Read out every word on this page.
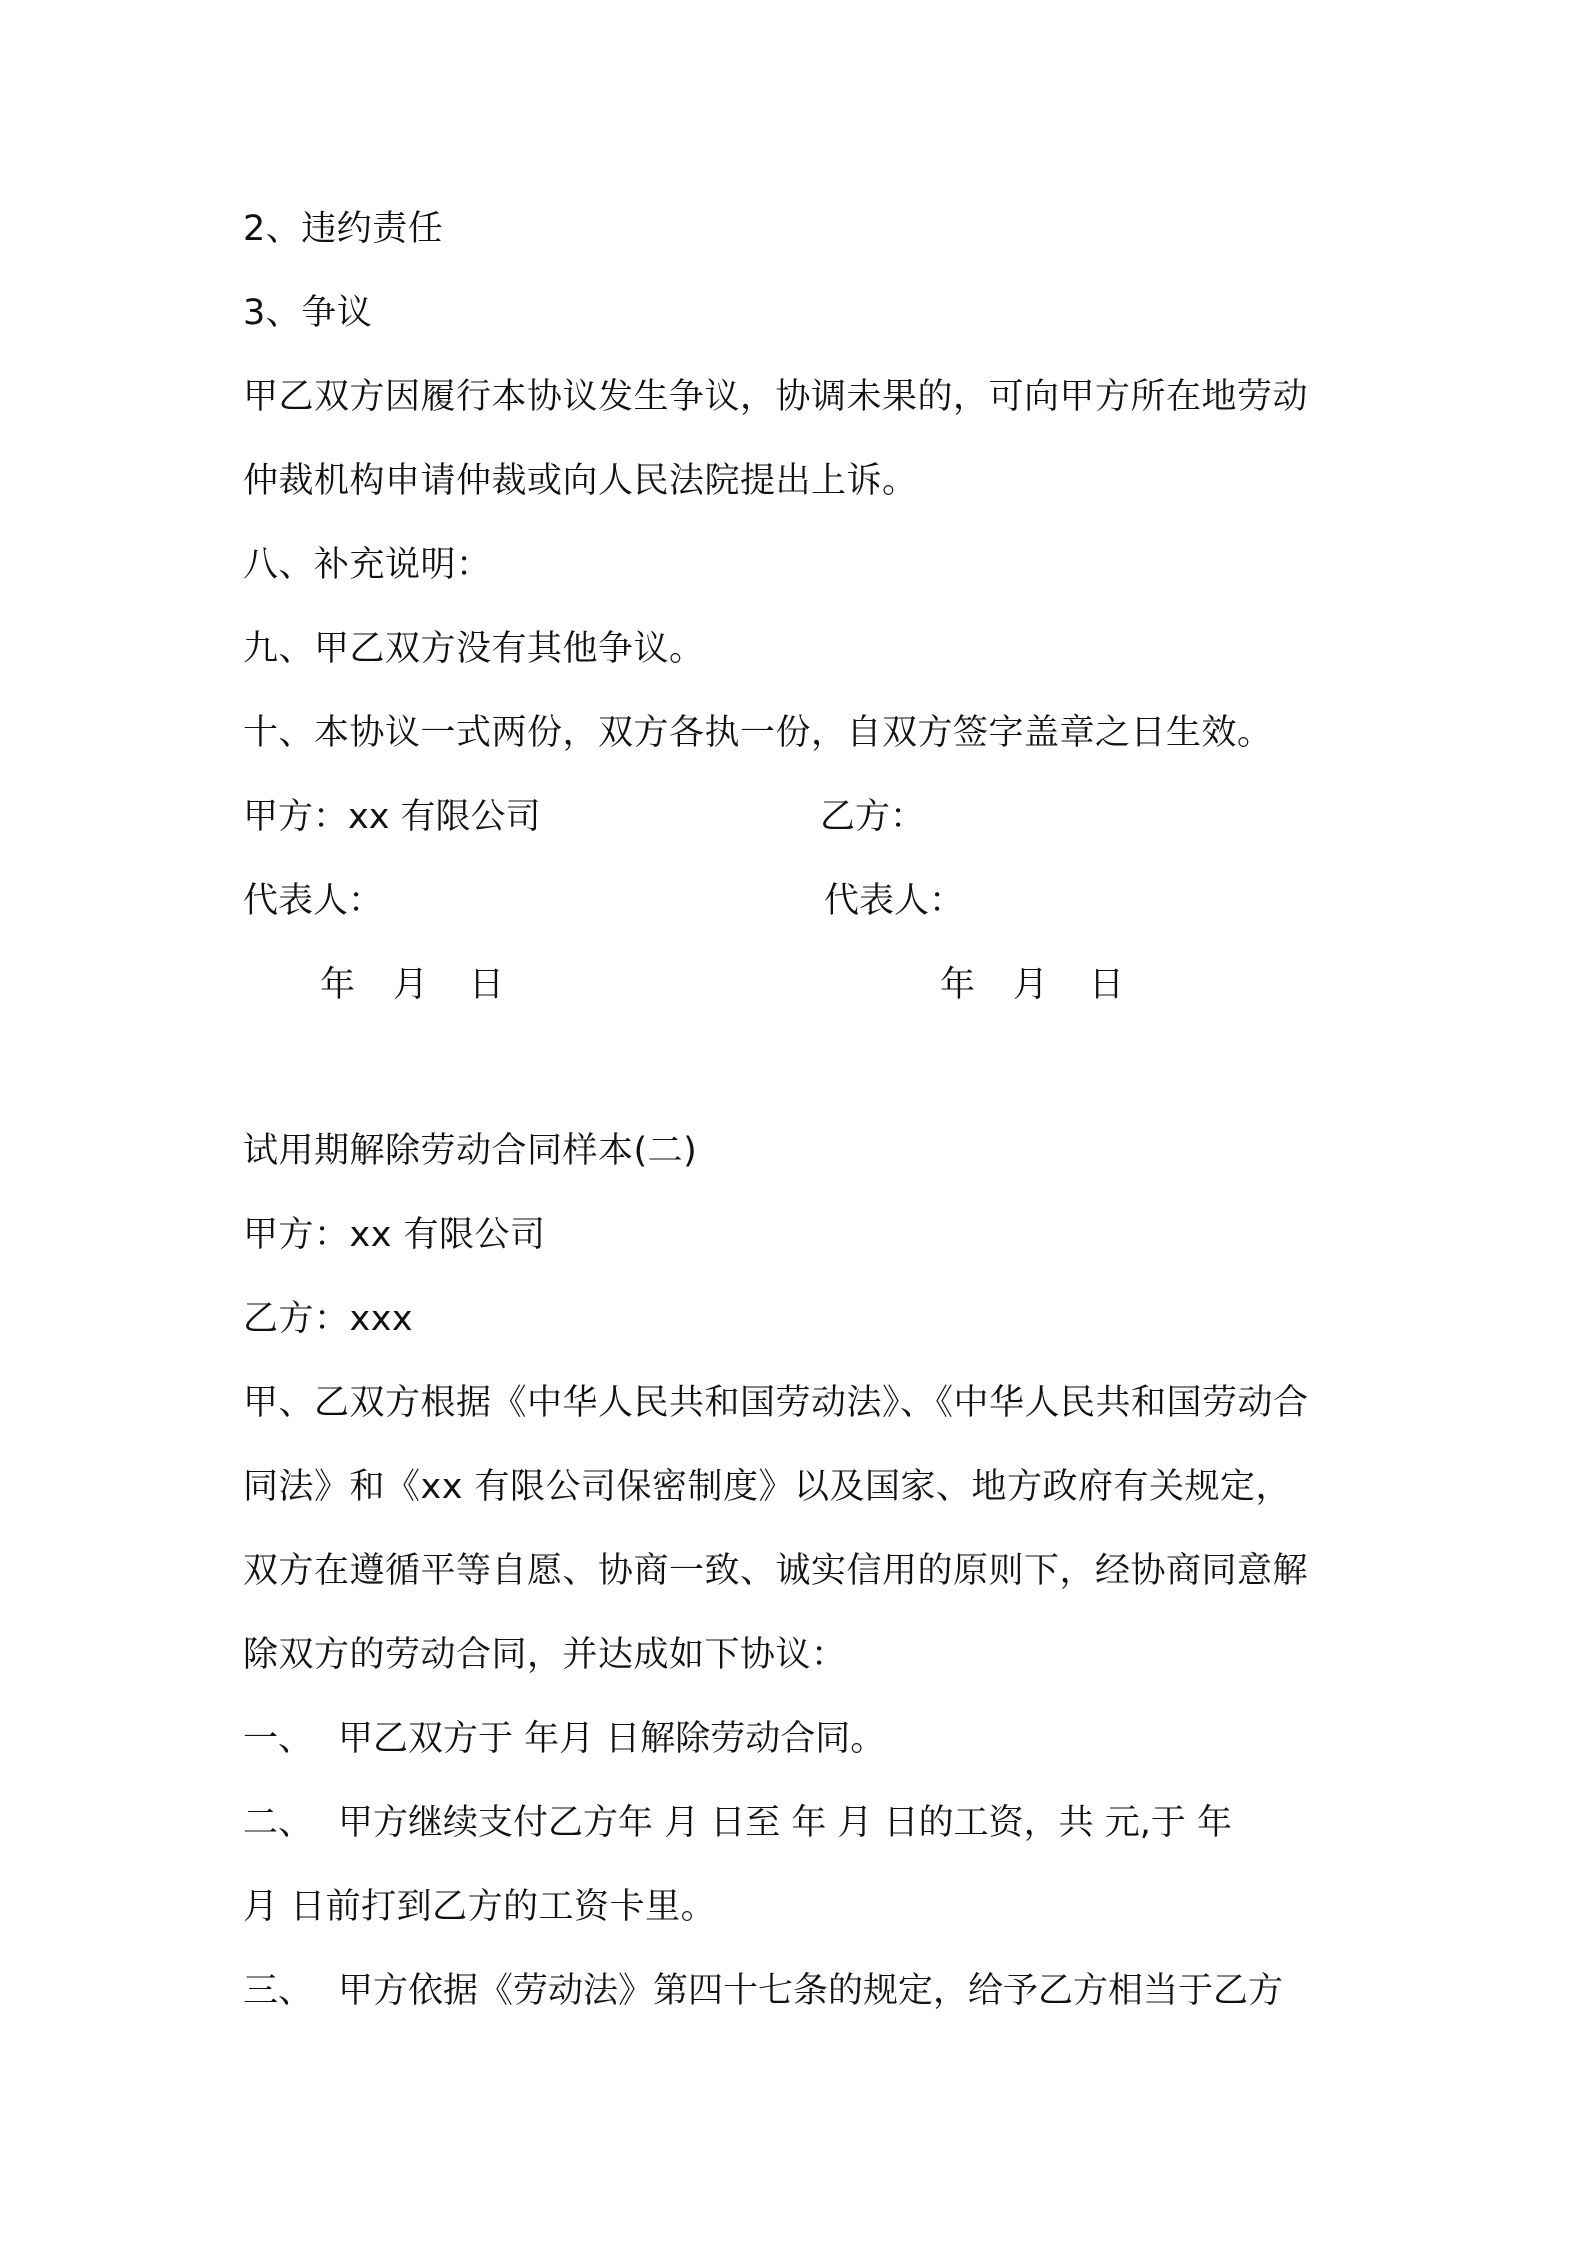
2、违约责任
3、争议
甲乙双方因履行本协议发生争议，协调未果的，可向甲方所在地劳动
仲裁机构申请仲裁或向人民法院提出上诉。
八、补充说明：
九、甲乙双方没有其他争议。
十、本协议一式两份，双方各执一份，自双方签字盖章之日生效。
甲方：xx 有限公司	乙方：
代表人：	代表人：
年 月 日	年 月 日
试用期解除劳动合同样本(二)
甲方：xx 有限公司
乙方：xxx
甲、乙双方根据《中华人民共和国劳动法》、《中华人民共和国劳动合
同法》和《xx 有限公司保密制度》以及国家、地方政府有关规定，
双方在遵循平等自愿、协商一致、诚实信用的原则下，经协商同意解
除双方的劳动合同，并达成如下协议：
一、 甲乙双方于 年月 日解除劳动合同。
二、 甲方继续支付乙方年 月 日至 年 月 日的工资，共 元,于 年
月 日前打到乙方的工资卡里。
三、 甲方依据《劳动法》第四十七条的规定，给予乙方相当于乙方
